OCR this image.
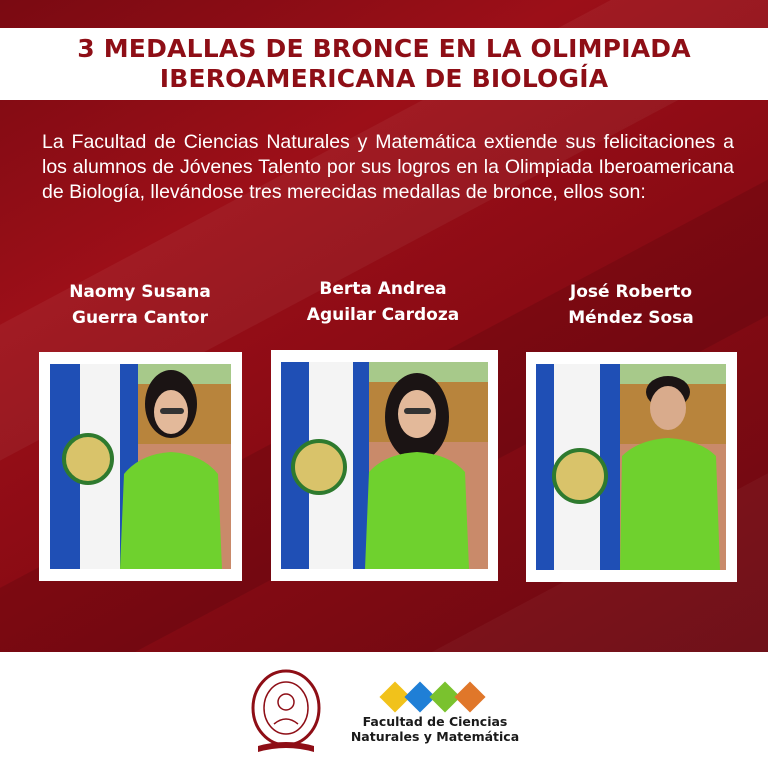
3 MEDALLAS DE BRONCE EN LA OLIMPIADA
IBEROAMERICANA DE BIOLOGÍA

La Facultad de Ciencias Naturales y Matemática extiende sus felicitaciones a los alumnos de Jóvenes Talento por sus logros en la Olimpiada Iberoamericana de Biología, llevándose tres merecidas medallas de bronce, ellos son:

Naomy Susana
Guerra Cantor
Berta Andrea
Aguilar Cardoza
José Roberto
Méndez Sosa
Facultad de Ciencias
Naturales y Matemática
